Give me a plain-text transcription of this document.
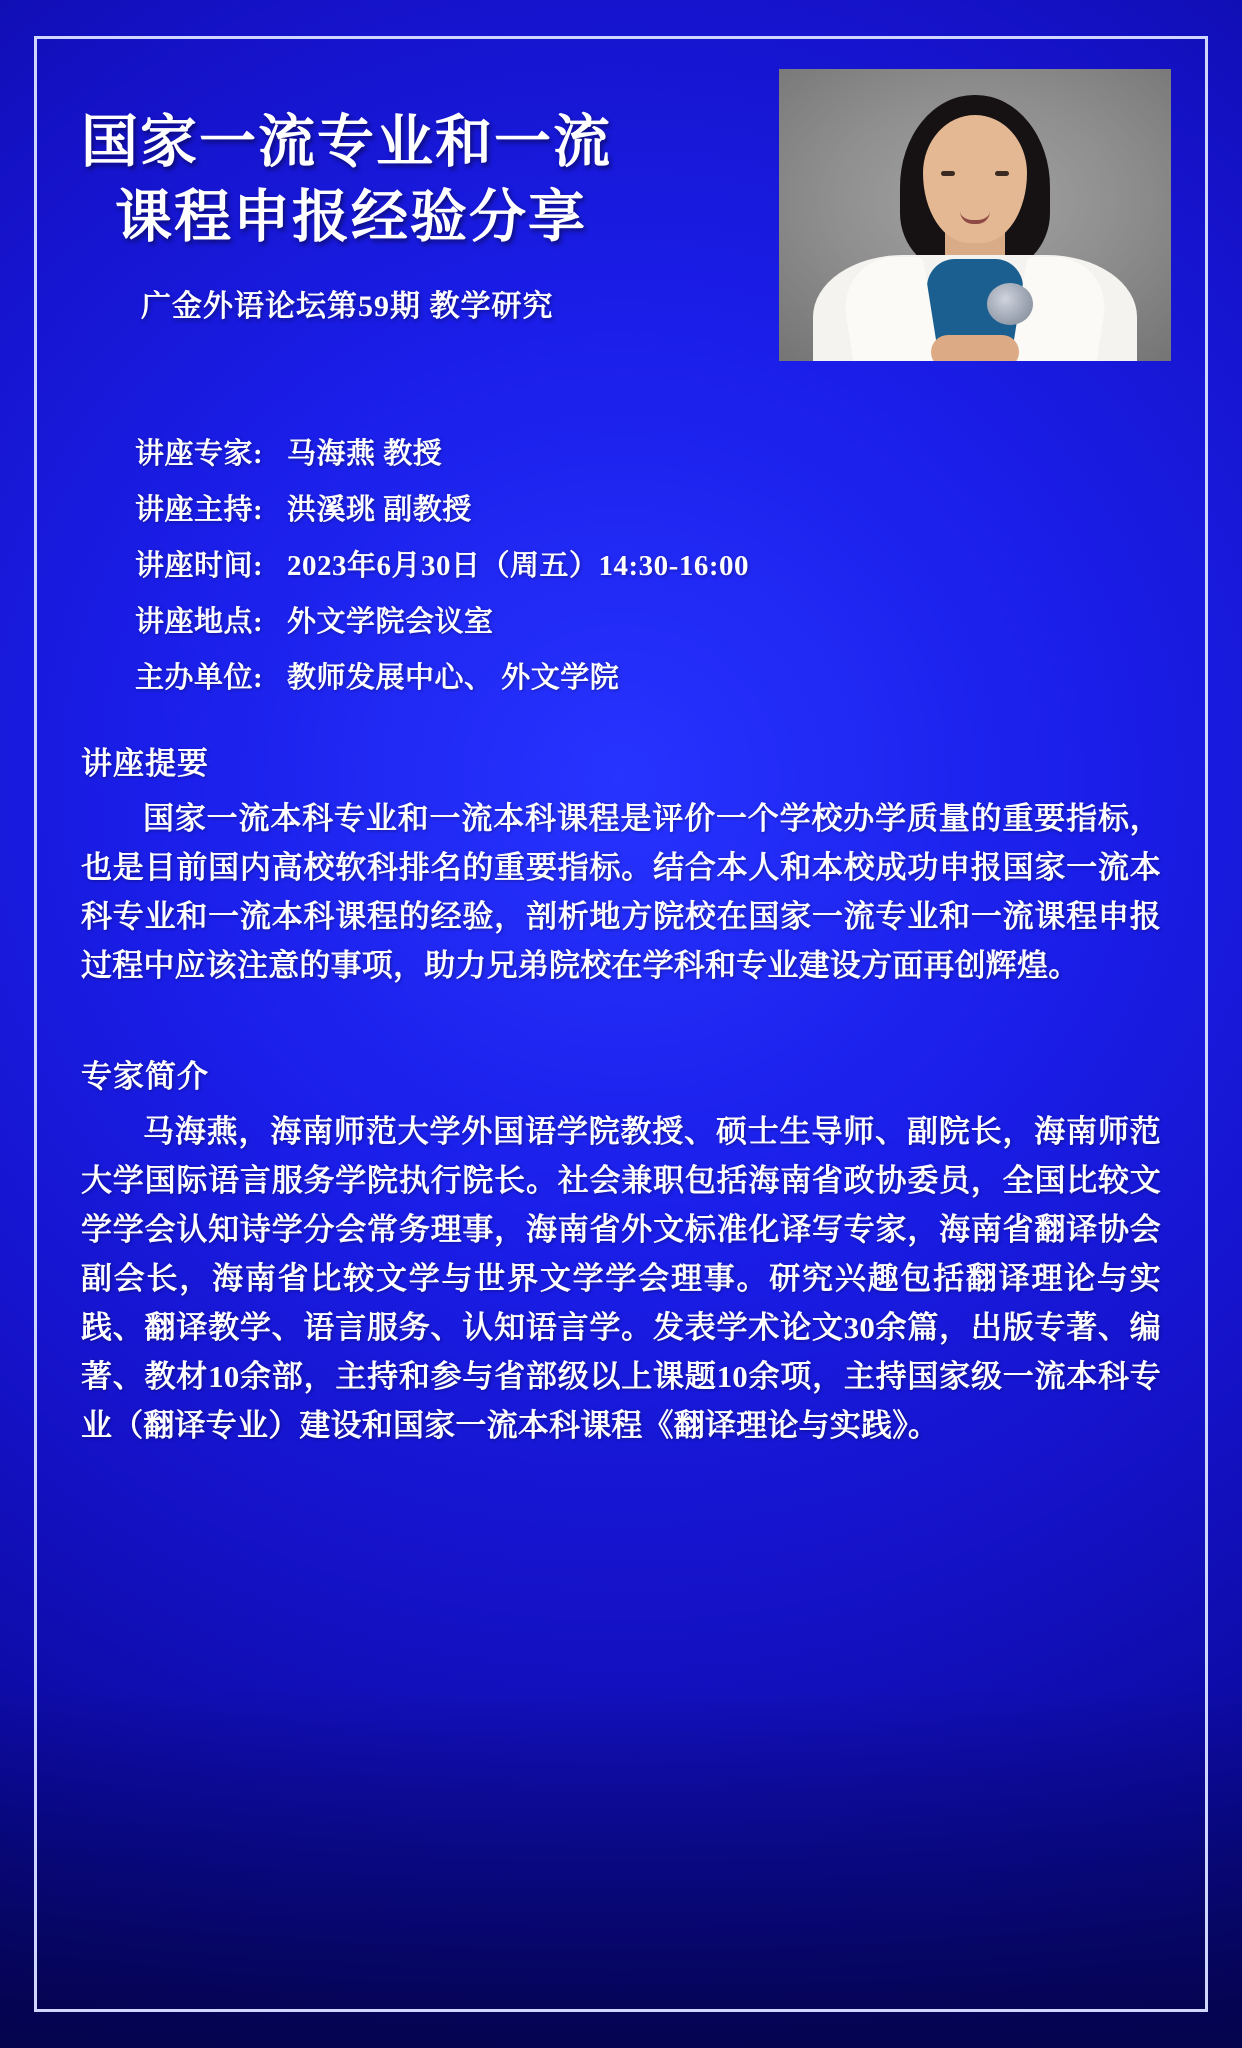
国家一流专业和一流
课程申报经验分享
广金外语论坛第59期 教学研究
讲座专家: 马海燕 教授
讲座主持: 洪溪珧 副教授
讲座时间: 2023年6月30日（周五）14:30-16:00
讲座地点: 外文学院会议室
主办单位: 教师发展中心、 外文学院
讲座提要
国家一流本科专业和一流本科课程是评价一个学校办学质量的重要指标，也是目前国内高校软科排名的重要指标。结合本人和本校成功申报国家一流本科专业和一流本科课程的经验，剖析地方院校在国家一流专业和一流课程申报过程中应该注意的事项，助力兄弟院校在学科和专业建设方面再创辉煌。
专家简介
马海燕，海南师范大学外国语学院教授、硕士生导师、副院长，海南师范大学国际语言服务学院执行院长。社会兼职包括海南省政协委员，全国比较文学学会认知诗学分会常务理事，海南省外文标准化译写专家，海南省翻译协会副会长，海南省比较文学与世界文学学会理事。研究兴趣包括翻译理论与实践、翻译教学、语言服务、认知语言学。发表学术论文30余篇，出版专著、编著、教材10余部，主持和参与省部级以上课题10余项，主持国家级一流本科专业（翻译专业）建设和国家一流本科课程《翻译理论与实践》。
